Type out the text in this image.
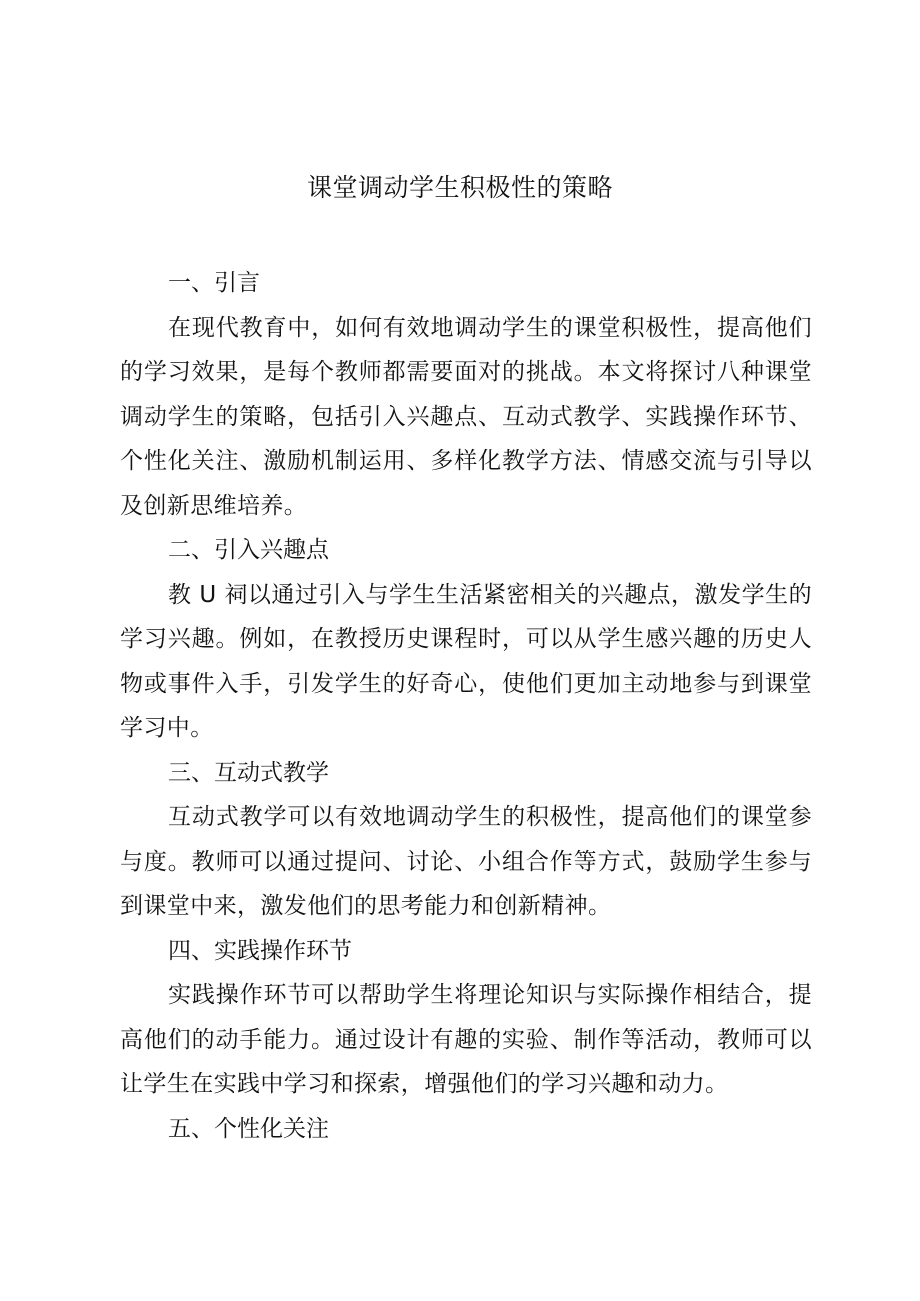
课堂调动学生积极性的策略

一、引言

在现代教育中，如何有效地调动学生的课堂积极性，提高他们的学习效果，是每个教师都需要面对的挑战。本文将探讨八种课堂调动学生的策略，包括引入兴趣点、互动式教学、实践操作环节、个性化关注、激励机制运用、多样化教学方法、情感交流与引导以及创新思维培养。

二、引入兴趣点

教 U 祠以通过引入与学生生活紧密相关的兴趣点，激发学生的学习兴趣。例如，在教授历史课程时，可以从学生感兴趣的历史人物或事件入手，引发学生的好奇心，使他们更加主动地参与到课堂学习中。

三、互动式教学

互动式教学可以有效地调动学生的积极性，提高他们的课堂参与度。教师可以通过提问、讨论、小组合作等方式，鼓励学生参与到课堂中来，激发他们的思考能力和创新精神。

四、实践操作环节

实践操作环节可以帮助学生将理论知识与实际操作相结合，提高他们的动手能力。通过设计有趣的实验、制作等活动，教师可以让学生在实践中学习和探索，增强他们的学习兴趣和动力。

五、个性化关注
